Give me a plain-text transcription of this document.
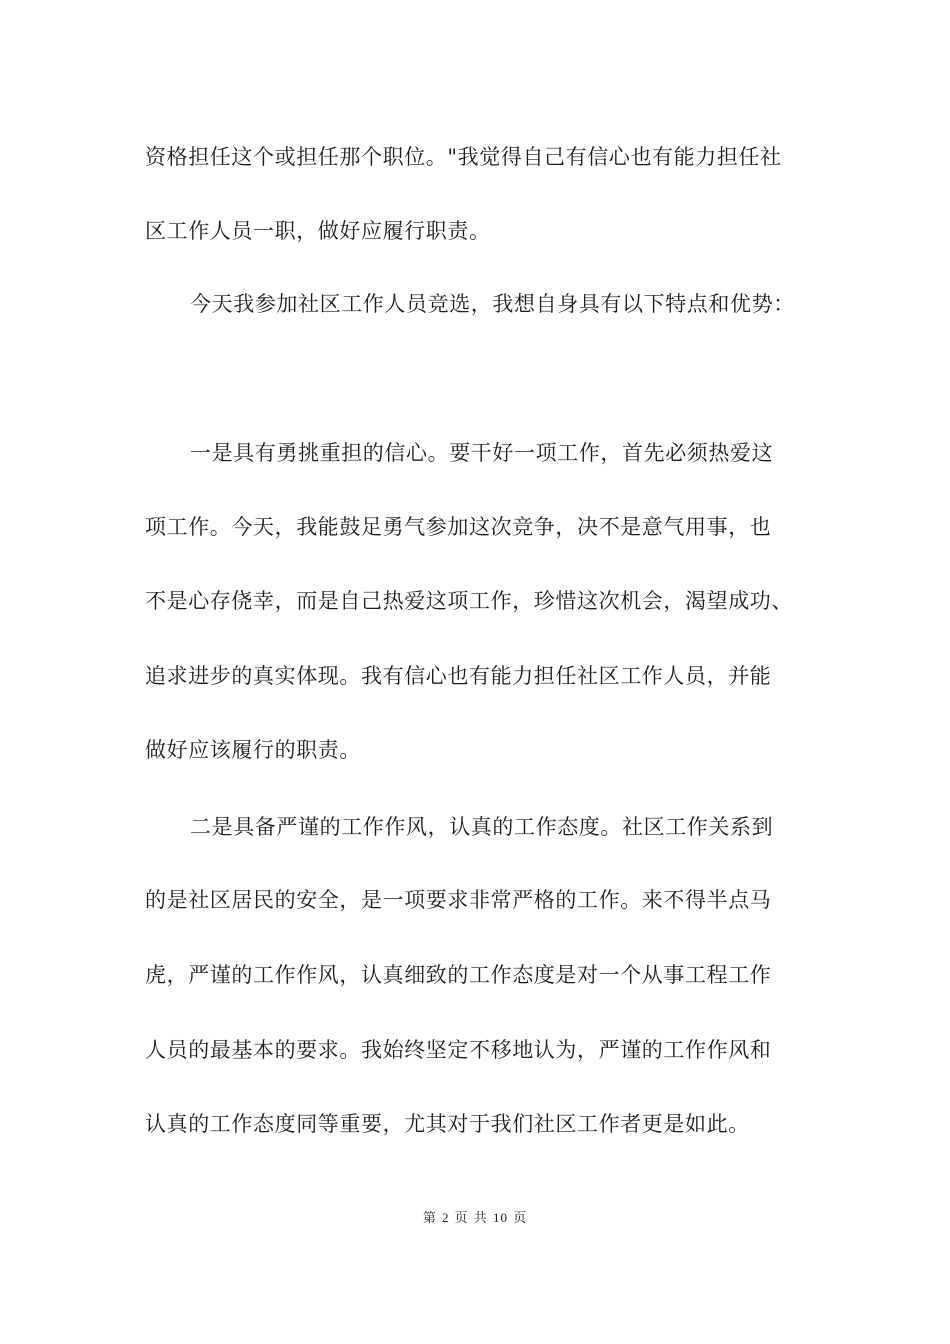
资格担任这个或担任那个职位。"我觉得自己有信心也有能力担任社
区工作人员一职，做好应履行职责。
今天我参加社区工作人员竞选，我想自身具有以下特点和优势：
一是具有勇挑重担的信心。要干好一项工作，首先必须热爱这
项工作。今天，我能鼓足勇气参加这次竞争，决不是意气用事，也
不是心存侥幸，而是自己热爱这项工作，珍惜这次机会，渴望成功、
追求进步的真实体现。我有信心也有能力担任社区工作人员，并能
做好应该履行的职责。
二是具备严谨的工作作风，认真的工作态度。社区工作关系到
的是社区居民的安全，是一项要求非常严格的工作。来不得半点马
虎，严谨的工作作风，认真细致的工作态度是对一个从事工程工作
人员的最基本的要求。我始终坚定不移地认为，严谨的工作作风和
认真的工作态度同等重要，尤其对于我们社区工作者更是如此。
第 2 页 共 10 页
